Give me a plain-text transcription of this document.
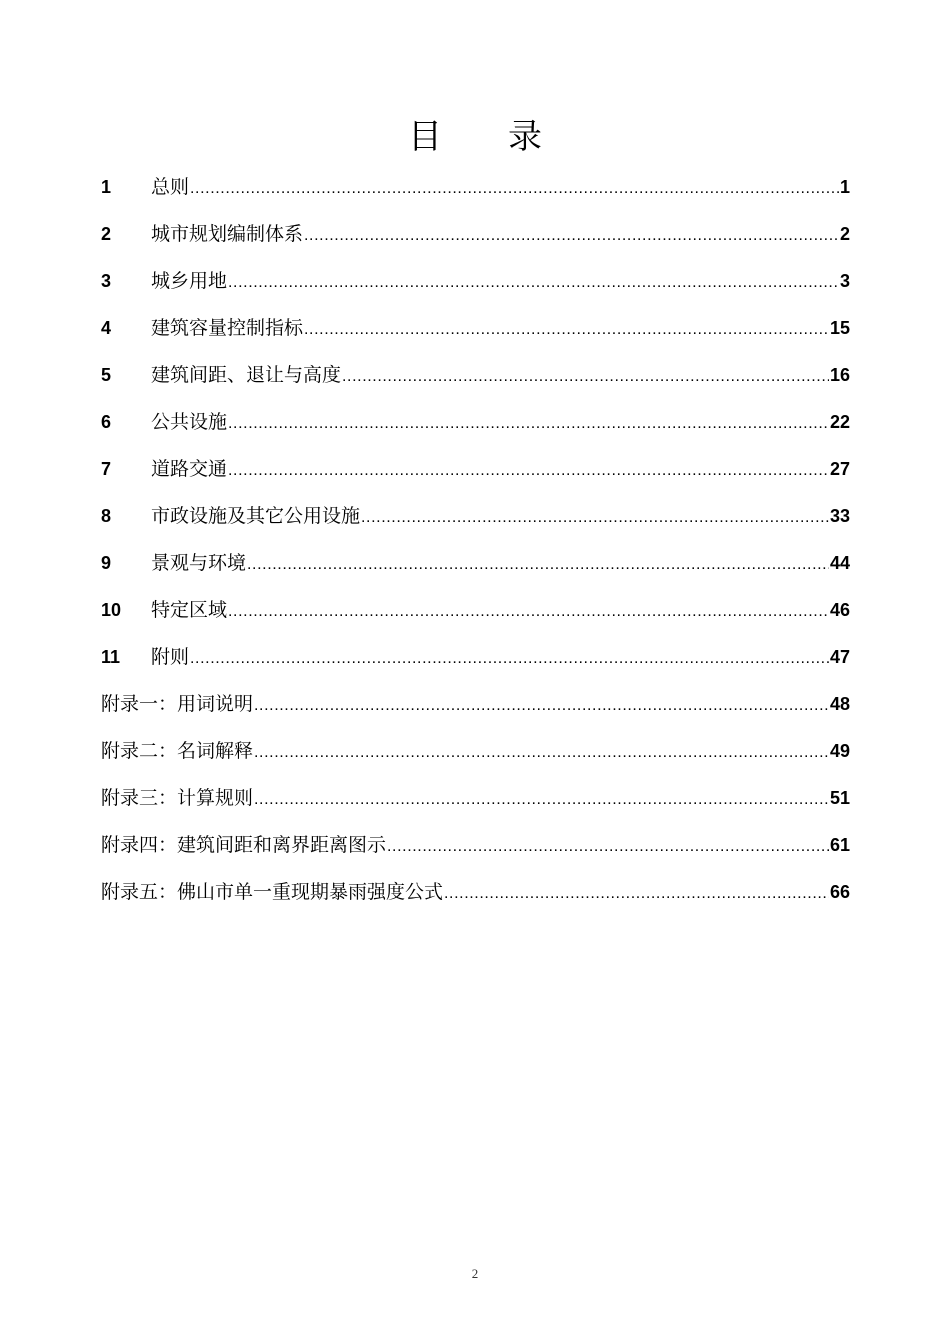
目 录
1	总则 .....	1
2	城市规划编制体系 .....	2
3	城乡用地 .....	3
4	建筑容量控制指标 .....	15
5	建筑间距、退让与高度 .....	16
6	公共设施 .....	22
7	道路交通 .....	27
8	市政设施及其它公用设施 .....	33
9	景观与环境 .....	44
10	特定区域 .....	46
11	附则 .....	47
附录一：用词说明 .....	48
附录二：名词解释 .....	49
附录三：计算规则 .....	51
附录四：建筑间距和离界距离图示 .....	61
附录五：佛山市单一重现期暴雨强度公式 .....	66
2
